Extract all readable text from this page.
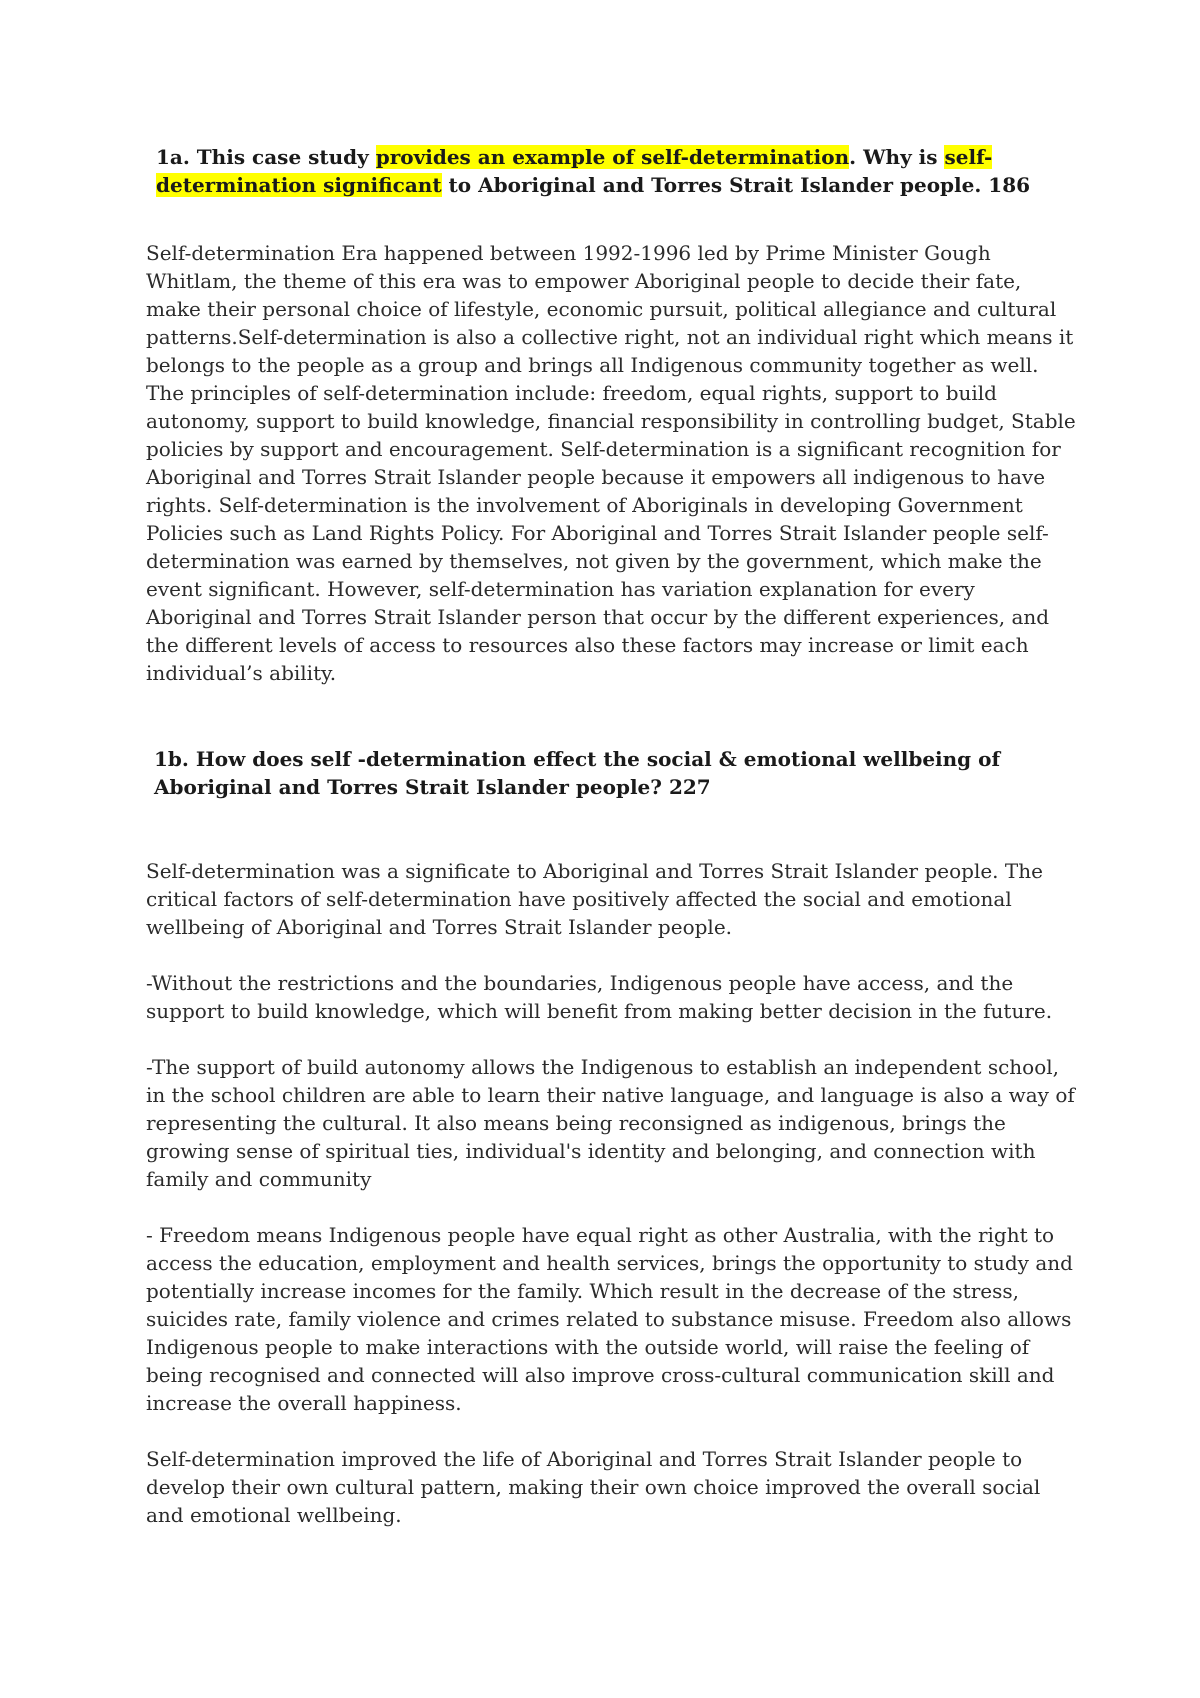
1a. This case study provides an example of self-determination. Why is self-
determination significant to Aboriginal and Torres Strait Islander people. 186

Self-determination Era happened between 1992-1996 led by Prime Minister Gough Whitlam, the theme of this era was to empower Aboriginal people to decide their fate, make their personal choice of lifestyle, economic pursuit, political allegiance and cultural patterns.Self-determination is also a collective right, not an individual right which means it belongs to the people as a group and brings all Indigenous community together as well. The principles of self-determination include: freedom, equal rights, support to build autonomy, support to build knowledge, financial responsibility in controlling budget, Stable policies by support and encouragement. Self-determination is a significant recognition for Aboriginal and Torres Strait Islander people because it empowers all indigenous to have rights. Self-determination is the involvement of Aboriginals in developing Government Policies such as Land Rights Policy. For Aboriginal and Torres Strait Islander people self-determination was earned by themselves, not given by the government, which make the event significant. However, self-determination has variation explanation for every Aboriginal and Torres Strait Islander person that occur by the different experiences, and the different levels of access to resources also these factors may increase or limit each individual’s ability.

1b. How does self -determination effect the social & emotional wellbeing of Aboriginal and Torres Strait Islander people? 227

Self-determination was a significate to Aboriginal and Torres Strait Islander people. The critical factors of self-determination have positively affected the social and emotional wellbeing of Aboriginal and Torres Strait Islander people.

-Without the restrictions and the boundaries, Indigenous people have access, and the support to build knowledge, which will benefit from making better decision in the future.

-The support of build autonomy allows the Indigenous to establish an independent school, in the school children are able to learn their native language, and language is also a way of representing the cultural. It also means being reconsigned as indigenous, brings the growing sense of spiritual ties, individual's identity and belonging, and connection with family and community

- Freedom means Indigenous people have equal right as other Australia, with the right to access the education, employment and health services, brings the opportunity to study and potentially increase incomes for the family. Which result in the decrease of the stress, suicides rate, family violence and crimes related to substance misuse. Freedom also allows Indigenous people to make interactions with the outside world, will raise the feeling of being recognised and connected will also improve cross-cultural communication skill and increase the overall happiness.

Self-determination improved the life of Aboriginal and Torres Strait Islander people to develop their own cultural pattern, making their own choice improved the overall social and emotional wellbeing.
